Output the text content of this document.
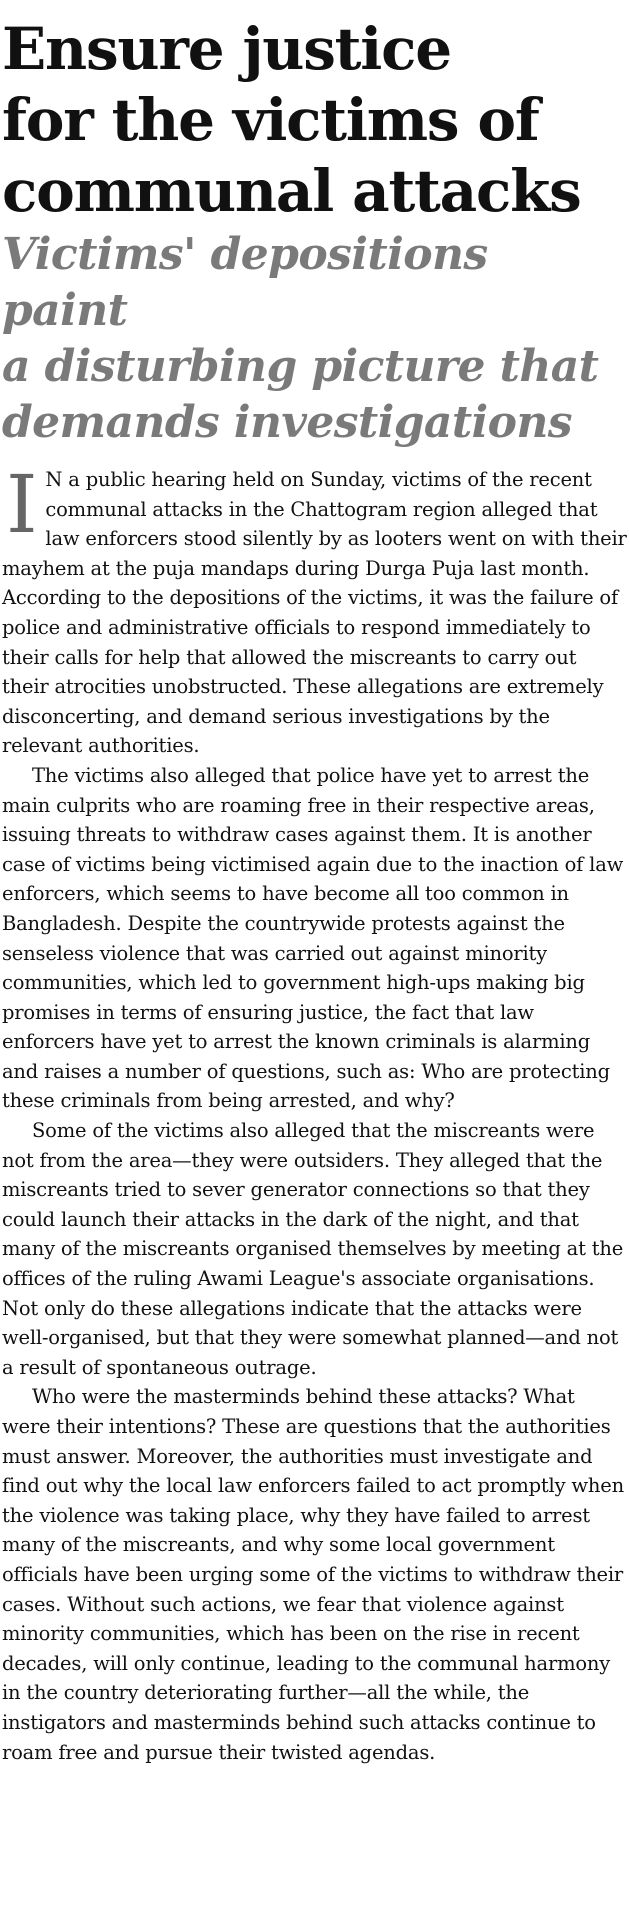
Ensure justice
for the victims of
communal attacks
Victims' depositions paint
a disturbing picture that
demands investigations

I N a public hearing held on Sunday, victims of the recent communal attacks in the Chattogram region alleged that law enforcers stood silently by as looters went on with their mayhem at the puja mandaps during Durga Puja last month. According to the depositions of the victims, it was the failure of police and administrative officials to respond immediately to their calls for help that allowed the miscreants to carry out their atrocities unobstructed. These allegations are extremely disconcerting, and demand serious investigations by the relevant authorities.

The victims also alleged that police have yet to arrest the main culprits who are roaming free in their respective areas, issuing threats to withdraw cases against them. It is another case of victims being victimised again due to the inaction of law enforcers, which seems to have become all too common in Bangladesh. Despite the countrywide protests against the senseless violence that was carried out against minority communities, which led to government high-ups making big promises in terms of ensuring justice, the fact that law enforcers have yet to arrest the known criminals is alarming and raises a number of questions, such as: Who are protecting these criminals from being arrested, and why?

Some of the victims also alleged that the miscreants were not from the area—they were outsiders. They alleged that the miscreants tried to sever generator connections so that they could launch their attacks in the dark of the night, and that many of the miscreants organised themselves by meeting at the offices of the ruling Awami League's associate organisations. Not only do these allegations indicate that the attacks were well-organised, but that they were somewhat planned—and not a result of spontaneous outrage.

Who were the masterminds behind these attacks? What were their intentions? These are questions that the authorities must answer. Moreover, the authorities must investigate and find out why the local law enforcers failed to act promptly when the violence was taking place, why they have failed to arrest many of the miscreants, and why some local government officials have been urging some of the victims to withdraw their cases. Without such actions, we fear that violence against minority communities, which has been on the rise in recent decades, will only continue, leading to the communal harmony in the country deteriorating further—all the while, the instigators and masterminds behind such attacks continue to roam free and pursue their twisted agendas.
